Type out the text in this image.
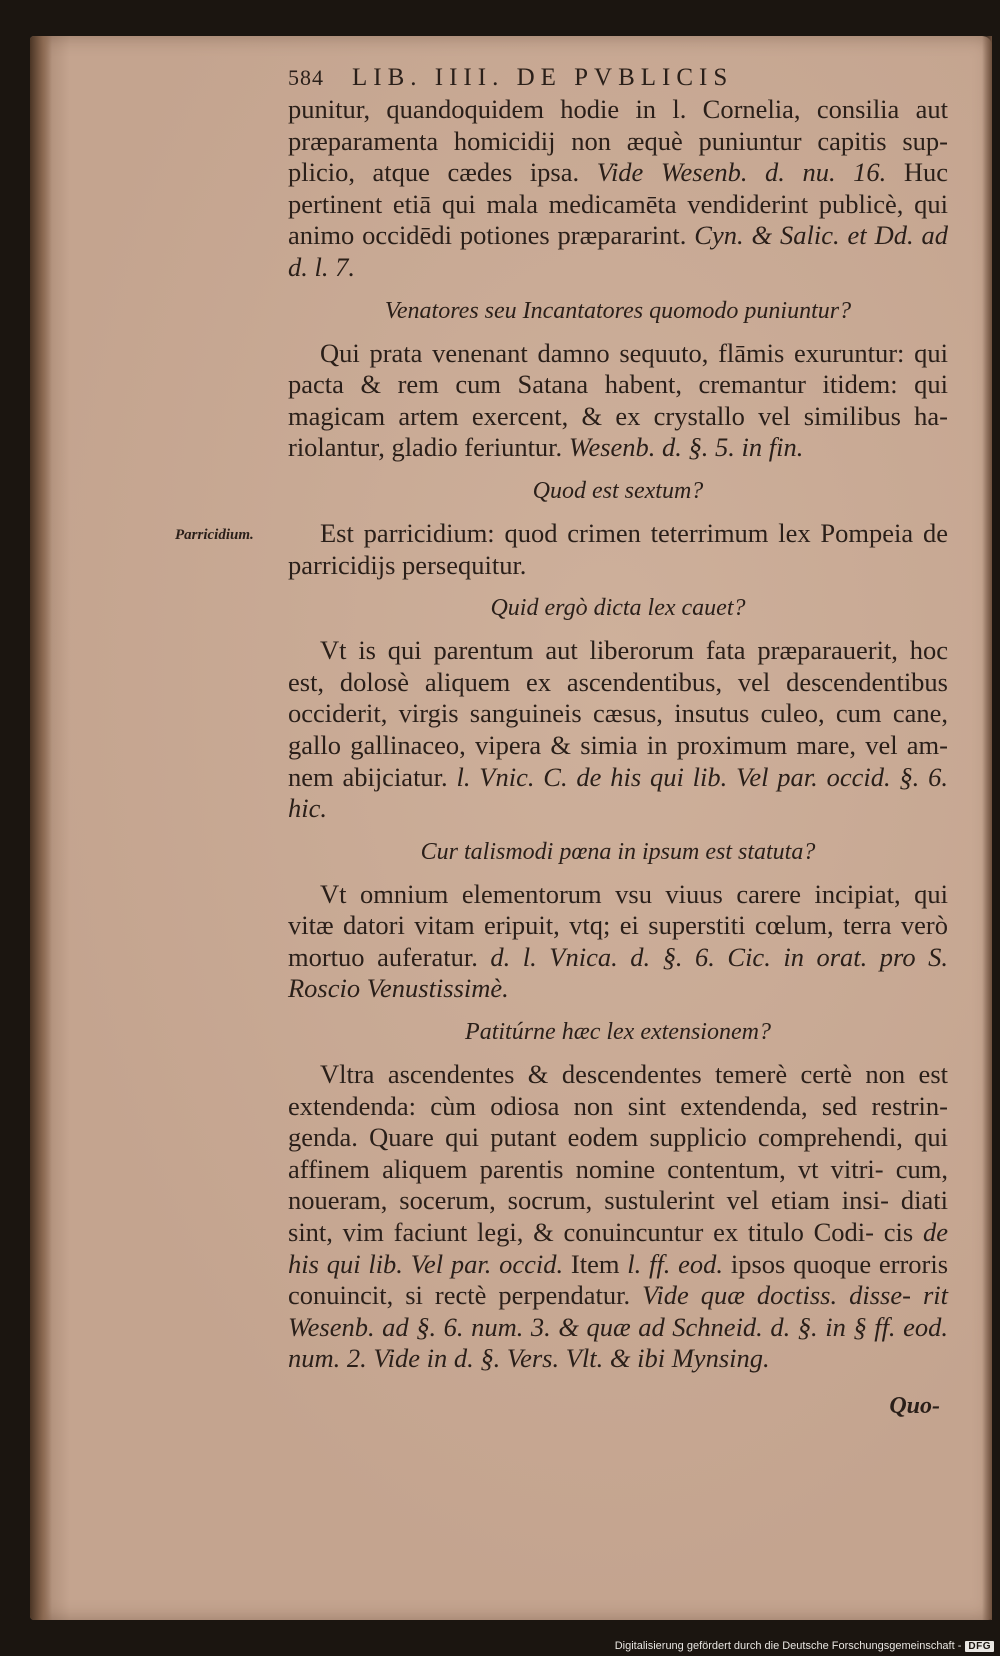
Parricidium.
584 LIB. IIII. DE PVBLICIS

punitur, quandoquidem hodie in l. Cornelia, consilia aut præparamenta homicidij non æquè puniuntur capitis sup- plicio, atque cædes ipsa. Vide Wesenb. d. nu. 16. Huc pertinent etiā qui mala medicamēta vendiderint publicè, qui animo occidēdi potiones præpararint. Cyn. & Salic. et Dd. ad d. l. 7.

Venatores seu Incantatores quomodo puniuntur?

Qui prata venenant damno sequuto, flāmis exuruntur: qui pacta & rem cum Satana habent, cremantur itidem: qui magicam artem exercent, & ex crystallo vel similibus ha- riolantur, gladio feriuntur. Wesenb. d. §. 5. in fin.

Quod est sextum?

Est parricidium: quod crimen teterrimum lex Pompeia de parricidijs persequitur.

Quid ergò dicta lex cauet?

Vt is qui parentum aut liberorum fata præparauerit, hoc est, dolosè aliquem ex ascendentibus, vel descendentibus occiderit, virgis sanguineis cæsus, insutus culeo, cum cane, gallo gallinaceo, vipera & simia in proximum mare, vel am- nem abijciatur. l. Vnic. C. de his qui lib. Vel par. occid. §. 6. hic.

Cur talismodi pœna in ipsum est statuta?

Vt omnium elementorum vsu viuus carere incipiat, qui vitæ datori vitam eripuit, vtq; ei superstiti cœlum, terra verò mortuo auferatur. d. l. Vnica. d. §. 6. Cic. in orat. pro S. Roscio Venustissimè.

Patitúrne hæc lex extensionem?

Vltra ascendentes & descendentes temerè certè non est extendenda: cùm odiosa non sint extendenda, sed restrin- genda. Quare qui putant eodem supplicio comprehendi, qui affinem aliquem parentis nomine contentum, vt vitri- cum, noueram, socerum, socrum, sustulerint vel etiam insi- diati sint, vim faciunt legi, & conuincuntur ex titulo Codi- cis de his qui lib. Vel par. occid. Item l. ff. eod. ipsos quoque erroris conuincit, si rectè perpendatur. Vide quæ doctiss. disse- rit Wesenb. ad §. 6. num. 3. & quæ ad Schneid. d. §. in § ff. eod. num. 2. Vide in d. §. Vers. Vlt. & ibi Mynsing.

Quo-
Digitalisierung gefördert durch die Deutsche Forschungsgemeinschaft - DFG
